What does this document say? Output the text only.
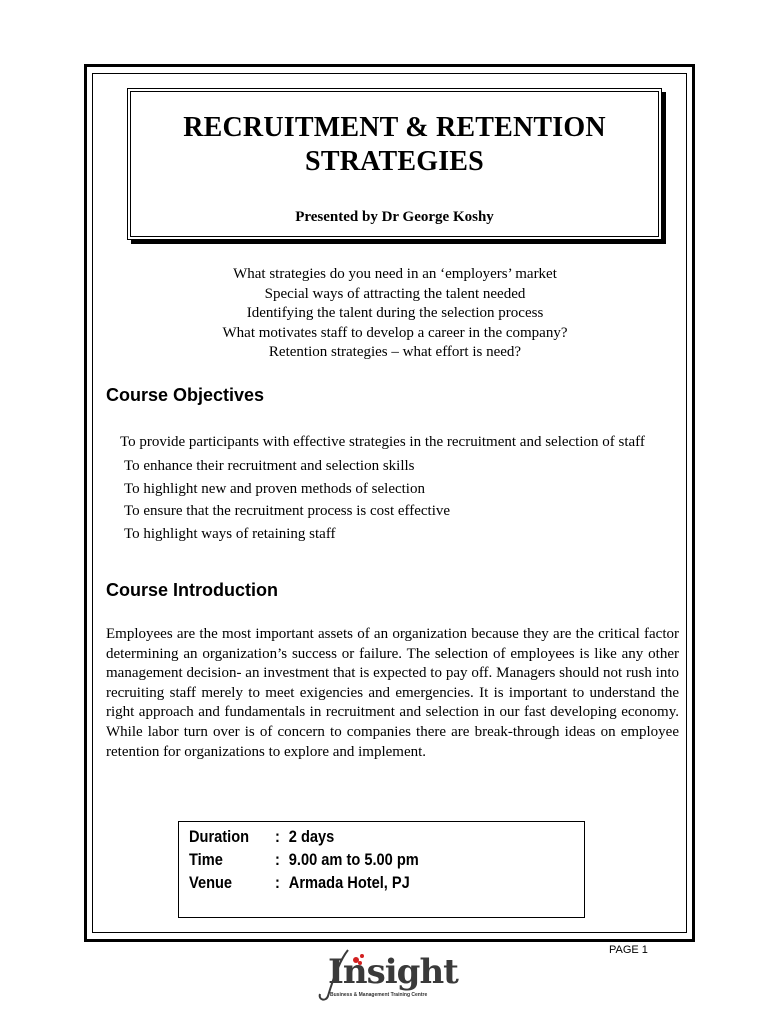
RECRUITMENT & RETENTION
STRATEGIES
Presented by Dr George Koshy
What strategies do you need in an ‘employers’ market
Special ways of attracting the talent needed
Identifying the talent during the selection process
What motivates staff to develop a career in the company?
Retention strategies – what effort is need?
Course Objectives
To provide participants with effective strategies in the recruitment and selection of staff
To enhance their recruitment and selection skills
To highlight new and proven methods of selection
To ensure that the recruitment process is cost effective
To highlight ways of retaining staff
Course Introduction
Employees are the most important assets of an organization because they are the critical factor determining an organization’s success or failure. The selection of employees is like any other management decision- an investment that is expected to pay off. Managers should not rush into recruiting staff merely to meet exigencies and emergencies. It is important to understand the right approach and fundamentals in recruitment and selection in our fast developing economy. While labor turn over is of concern to companies there are break-through ideas on employee retention for organizations to explore and implement.
Duration : 2 days
Time	: 9.00 am to 5.00 pm
Venue	: Armada Hotel, PJ
PAGE 1
Insight
Business & Management Training Centre
